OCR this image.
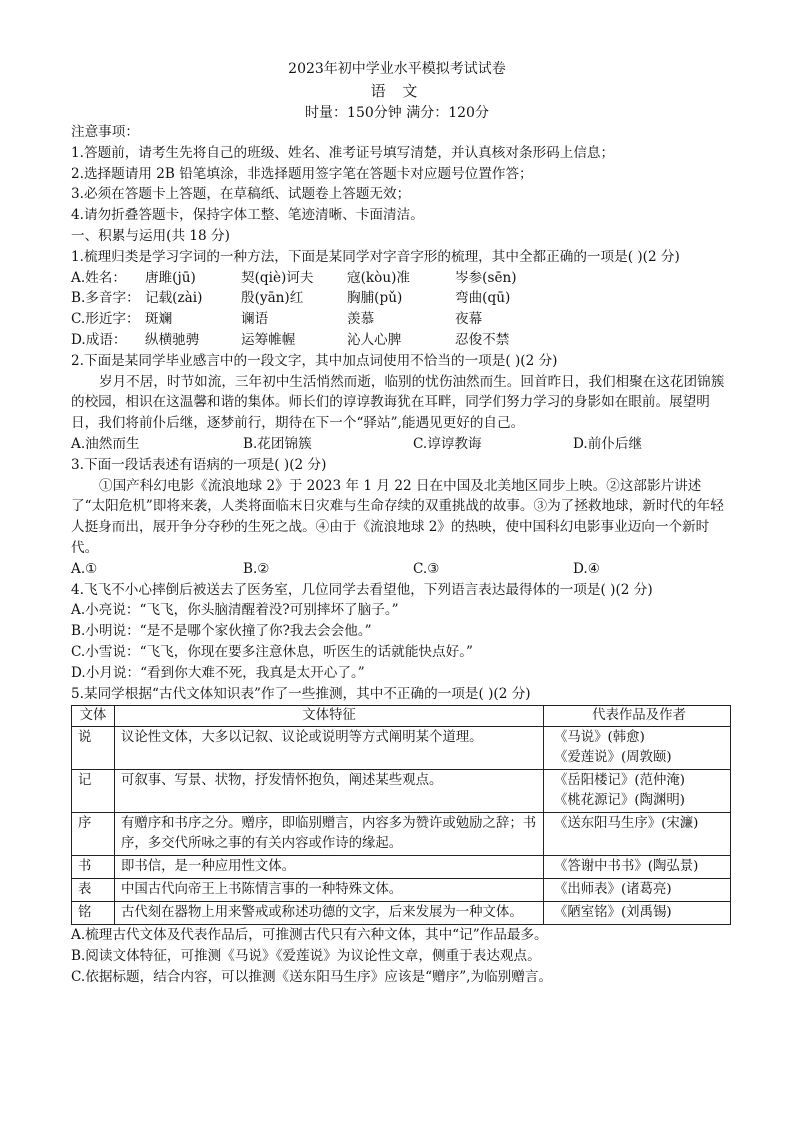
2023年初中学业水平模拟考试试卷
语 文
时量：150分钟 满分：120分
注意事项：
1.答题前，请考生先将自己的班级、姓名、准考证号填写清楚，并认真核对条形码上信息；
2.选择题请用 2B 铅笔填涂，非选择题用签字笔在答题卡对应题号位置作答；
3.必须在答题卡上答题，在草稿纸、试题卷上答题无效；
4.请勿折叠答题卡，保持字体工整、笔迹清晰、卡面清洁。
一、积累与运用(共 18 分)
1.梳理归类是学习字词的一种方法，下面是某同学对字音字形的梳理，其中全都正确的一项是( )(2 分)
A.姓名：	唐雎(jū)	契(qiè)诃夫	寇(kòu)准	岑参(sēn)
B.多音字： 记载(zài)	殷(yān)红	胸脯(pǔ)	弯曲(qū)
C.形近字： 斑斓	谰语	羡慕	夜幕
D.成语：	纵横驰骋	运筹帷幄	沁人心脾	忍俊不禁
2.下面是某同学毕业感言中的一段文字，其中加点词使用不恰当的一项是( )(2 分)
岁月不居，时节如流，三年初中生活悄然而逝，临别的忧伤油然而生。回首昨日，我们相聚在这花团锦簇的校园，相识在这温馨和谐的集体。师长们的谆谆教诲犹在耳畔，同学们努力学习的身影如在眼前。展望明日，我们将前仆后继，逐梦前行，期待在下一个“驿站”,能遇见更好的自己。
A.油然而生	B.花团锦簇	C.谆谆教诲	D.前仆后继
3.下面一段话表述有语病的一项是( )(2 分)
①国产科幻电影《流浪地球 2》于 2023 年 1 月 22 日在中国及北美地区同步上映。②这部影片讲述了“太阳危机”即将来袭，人类将面临末日灾难与生命存续的双重挑战的故事。③为了拯救地球，新时代的年轻人挺身而出，展开争分夺秒的生死之战。④由于《流浪地球 2》的热映，使中国科幻电影事业迈向一个新时代。
A.①	B.②	C.③	D.④
4.飞飞不小心摔倒后被送去了医务室，几位同学去看望他，下列语言表达最得体的一项是( )(2 分)
A.小亮说：“飞飞，你头脑清醒着没?可别摔坏了脑子。”
B.小明说：“是不是哪个家伙撞了你?我去会会他。”
C.小雪说：“飞飞，你现在要多注意休息，听医生的话就能快点好。”
D.小月说：“看到你大难不死，我真是太开心了。”
5.某同学根据“古代文体知识表”作了一些推测，其中不正确的一项是( )(2 分)
文体	文体特征	代表作品及作者
说	议论性文体，大多以记叙、议论或说明等方式阐明某个道理。	《马说》(韩愈)
《爱莲说》(周敦颐)

记	可叙事、写景、状物，抒发情怀抱负，阐述某些观点。	《岳阳楼记》(范仲淹)
《桃花源记》(陶渊明)

序	有赠序和书序之分。赠序，即临别赠言，内容多为赞许或勉励之辞；书序，多交代所咏之事的有关内容或作诗的缘起。	《送东阳马生序》(宋濂)

书	即书信，是一种应用性文体。	《答谢中书书》(陶弘景)

表	中国古代向帝王上书陈情言事的一种特殊文体。	《出师表》(诸葛亮)

铭	古代刻在器物上用来警戒或称述功德的文字，后来发展为一种文体。	《陋室铭》(刘禹锡)
A.梳理古代文体及代表作品后，可推测古代只有六种文体，其中“记”作品最多。
B.阅读文体特征，可推测《马说》《爱莲说》为议论性文章，侧重于表达观点。
C.依据标题，结合内容，可以推测《送东阳马生序》应该是“赠序”,为临别赠言。
